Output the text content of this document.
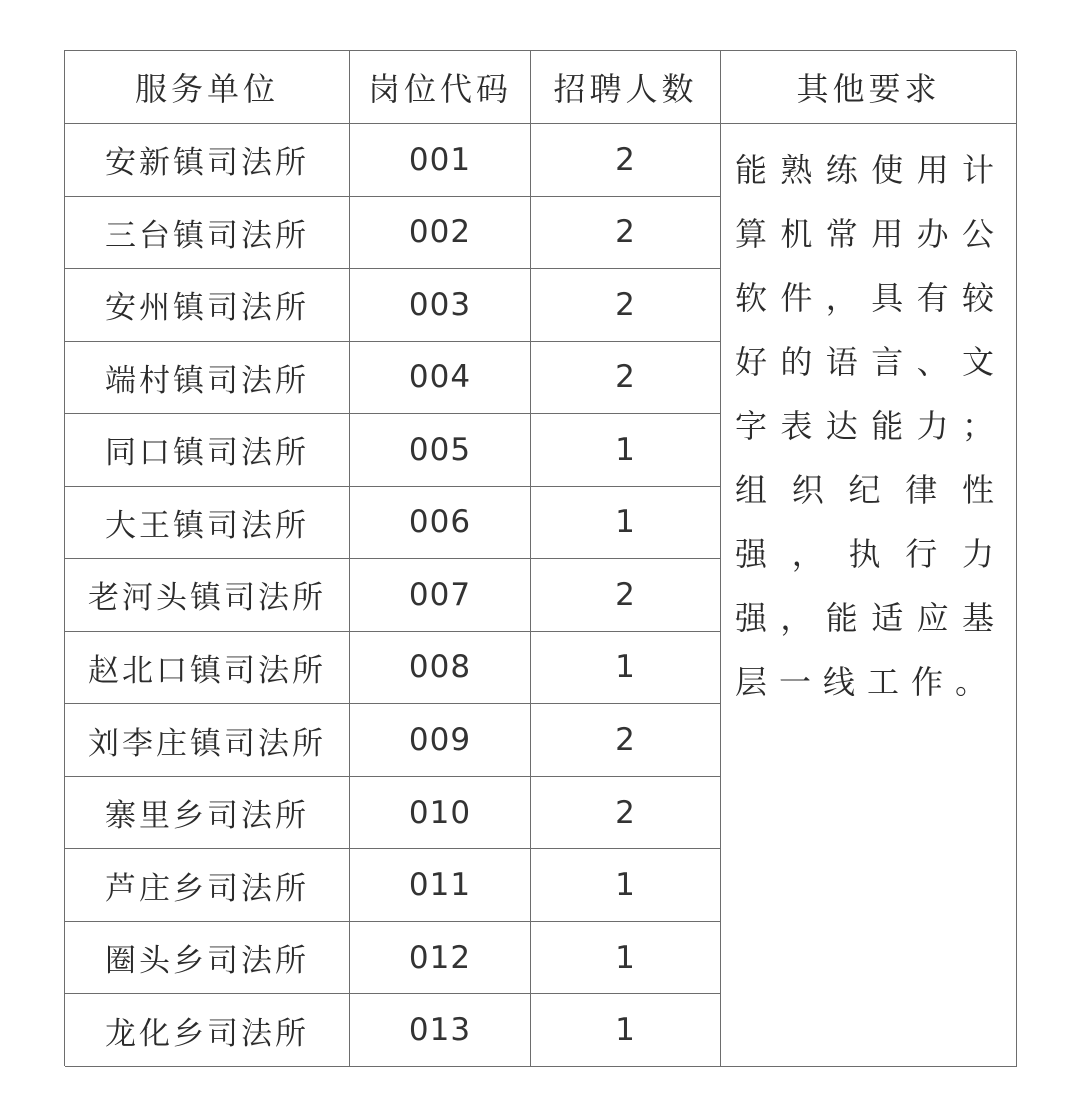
服务单位	岗位代码	招聘人数	其他要求
安新镇司法所	001	2	能熟练使用计算机常用办公软件，具有较好的语言、文字表达能力；组织纪律性强，执行力强，能适应基层一线工作。
三台镇司法所	002	2
安州镇司法所	003	2
端村镇司法所	004	2
同口镇司法所	005	1
大王镇司法所	006	1
老河头镇司法所	007	2
赵北口镇司法所	008	1
刘李庄镇司法所	009	2
寨里乡司法所	010	2
芦庄乡司法所	011	1
圈头乡司法所	012	1
龙化乡司法所	013	1
